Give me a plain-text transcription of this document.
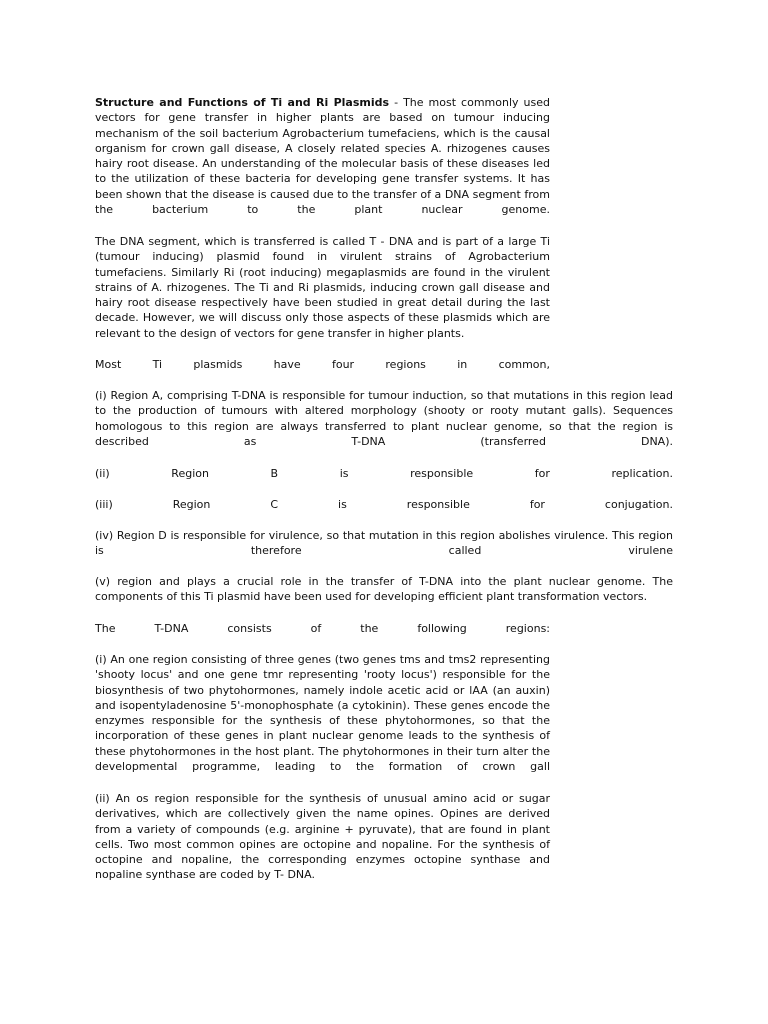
Structure and Functions of Ti and Ri Plasmids - The most commonly used vectors for gene transfer in higher plants are based on tumour inducing mechanism of the soil bacterium Agrobacterium tumefaciens, which is the causal organism for crown gall disease, A closely related species A. rhizogenes causes hairy root disease. An understanding of the molecular basis of these diseases led to the utilization of these bacteria for developing gene transfer systems. It has been shown that the disease is caused due to the transfer of a DNA segment from the bacterium to the plant nuclear genome.

The DNA segment, which is transferred is called T - DNA and is part of a large Ti (tumour inducing) plasmid found in virulent strains of Agrobacterium tumefaciens. Similarly Ri (root inducing) megaplasmids are found in the virulent strains of A. rhizogenes. The Ti and Ri plasmids, inducing crown gall disease and hairy root disease respectively have been studied in great detail during the last decade. However, we will discuss only those aspects of these plasmids which are relevant to the design of vectors for gene transfer in higher plants.

Most Ti plasmids have four regions in common,

(i) Region A, comprising T-DNA is responsible for tumour induction, so that mutations in this region lead to the production of tumours with altered morphology (shooty or rooty mutant galls). Sequences homologous to this region are always transferred to plant nuclear genome, so that the region is described as T-DNA (transferred DNA).

(ii) Region B is responsible for replication.

(iii) Region C is responsible for conjugation.

(iv) Region D is responsible for virulence, so that mutation in this region abolishes virulence. This region is therefore called virulene

(v) region and plays a crucial role in the transfer of T-DNA into the plant nuclear genome. The components of this Ti plasmid have been used for developing efficient plant transformation vectors.

The T-DNA consists of the following regions:

(i) An one region consisting of three genes (two genes tms and tms2 representing 'shooty locus' and one gene tmr representing 'rooty locus') responsible for the biosynthesis of two phytohormones, namely indole acetic acid or lAA (an auxin) and isopentyladenosine 5'-monophosphate (a cytokinin). These genes encode the enzymes responsible for the synthesis of these phytohormones, so that the incorporation of these genes in plant nuclear genome leads to the synthesis of these phytohormones in the host plant. The phytohormones in their turn alter the developmental programme, leading to the formation of crown gall

(ii) An os region responsible for the synthesis of unusual amino acid or sugar derivatives, which are collectively given the name opines. Opines are derived from a variety of compounds (e.g. arginine + pyruvate), that are found in plant cells. Two most common opines are octopine and nopaline. For the synthesis of octopine and nopaline, the corresponding enzymes octopine synthase and nopaline synthase are coded by T- DNA.
